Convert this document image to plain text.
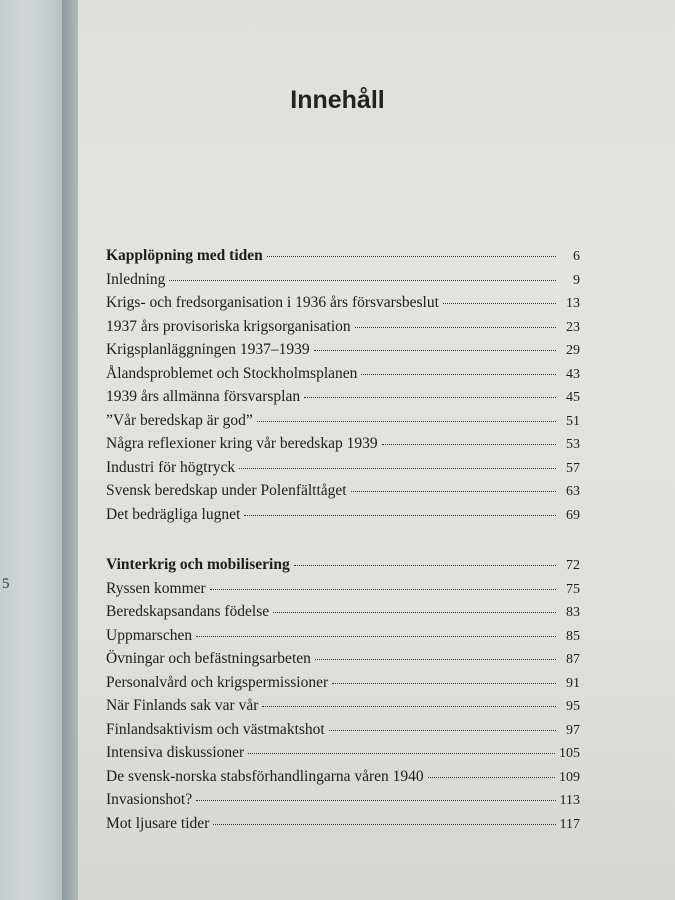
5
Innehåll
Kapplöpning med tiden	6
Inledning	9
Krigs- och fredsorganisation i 1936 års försvarsbeslut	13
1937 års provisoriska krigsorganisation	23
Krigsplanläggningen 1937–1939	29
Ålandsproblemet och Stockholmsplanen	43
1939 års allmänna försvarsplan	45
”Vår beredskap är god”	51
Några reflexioner kring vår beredskap 1939	53
Industri för högtryck	57
Svensk beredskap under Polenfälttåget	63
Det bedrägliga lugnet	69
Vinterkrig och mobilisering	72
Ryssen kommer	75
Beredskapsandans födelse	83
Uppmarschen	85
Övningar och befästningsarbeten	87
Personalvård och krigspermissioner	91
När Finlands sak var vår	95
Finlandsaktivism och västmaktshot	97
Intensiva diskussioner	105
De svensk-norska stabsförhandlingarna våren 1940	109
Invasionshot?	113
Mot ljusare tider	117
